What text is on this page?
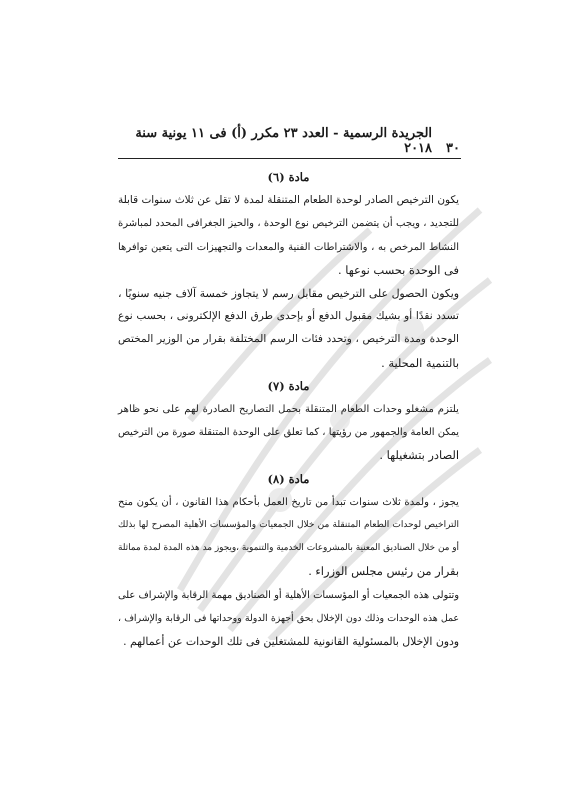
٣٠
الجريدة الرسمية - العدد ٢٣ مكرر (أ) فى ١١ يونية سنة ٢٠١٨

مادة (٦)

يكون الترخيص الصادر لوحدة الطعام المتنقلة لمدة لا تقل عن ثلاث سنوات قابلة
للتجديد ، ويجب أن يتضمن الترخيص نوع الوحدة ، والحيز الجغرافى المحدد لمباشرة
النشاط المرخص به ، والاشتراطات الفنية والمعدات والتجهيزات التى يتعين توافرها
فى الوحدة بحسب نوعها .

ويكون الحصول على الترخيص مقابل رسم لا يتجاوز خمسة آلاف جنيه سنويًا ،
تسدد نقدًا أو بشيك مقبول الدفع أو بإحدى طرق الدفع الإلكترونى ، بحسب نوع
الوحدة ومدة الترخيص ، وتحدد فئات الرسم المختلفة بقرار من الوزير المختص
بالتنمية المحلية .

مادة (٧)

يلتزم مشغلو وحدات الطعام المتنقلة بحمل التصاريح الصادرة لهم على نحو ظاهر
يمكن العامة والجمهور من رؤيتها ، كما تعلق على الوحدة المتنقلة صورة من الترخيص
الصادر بتشغيلها .

مادة (٨)

يجوز ، ولمدة ثلاث سنوات تبدأ من تاريخ العمل بأحكام هذا القانون ، أن يكون منح
التراخيص لوحدات الطعام المتنقلة من خلال الجمعيات والمؤسسات الأهلية المصرح لها بذلك
أو من خلال الصناديق المعنية بالمشروعات الخدمية والتنموية ،ويجوز مد هذه المدة لمدة مماثلة
بقرار من رئيس مجلس الوزراء .

وتتولى هذه الجمعيات أو المؤسسات الأهلية أو الصناديق مهمة الرقابة والإشراف على
عمل هذه الوحدات وذلك دون الإخلال بحق أجهزة الدولة ووحداتها فى الرقابة والإشراف ،
ودون الإخلال بالمسئولية القانونية للمشتغلين فى تلك الوحدات عن أعمالهم .
